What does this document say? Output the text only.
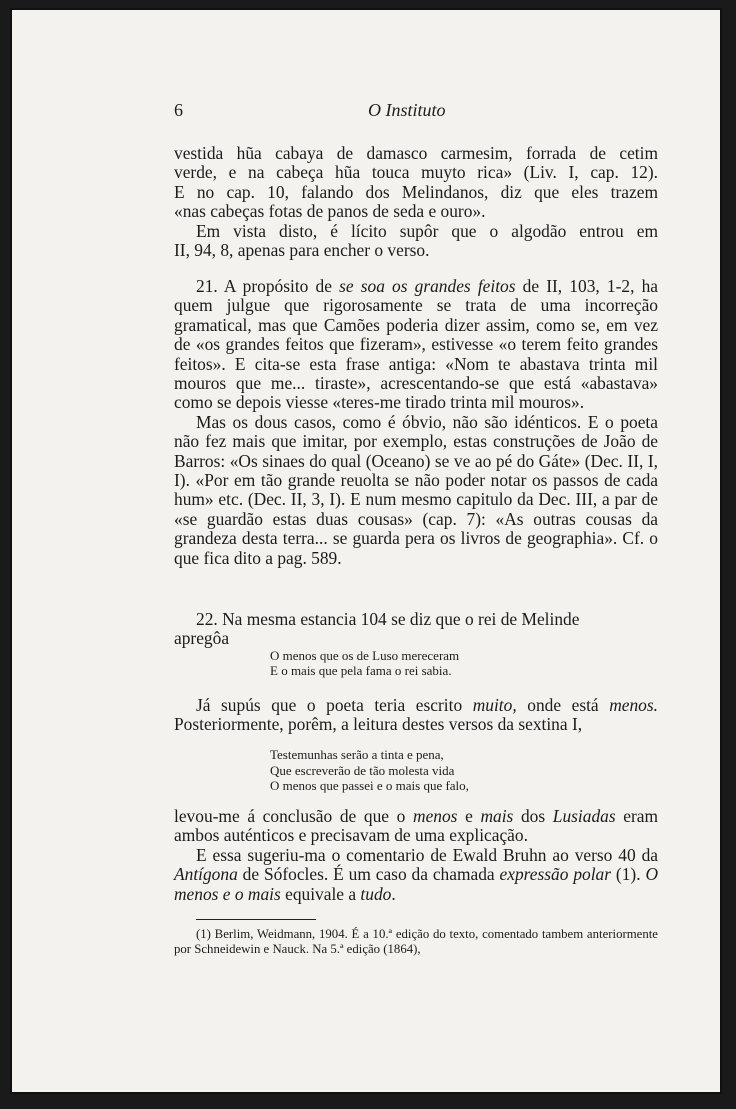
6	O Instituto

vestida hũa cabaya de damasco carmesim, forrada de cetim

verde, e na cabeça hũa touca muyto rica» (Liv. I, cap. 12).

E no cap. 10, falando dos Melindanos, diz que eles trazem

«nas cabeças fotas de panos de seda e ouro».

Em vista disto, é lícito supôr que o algodão entrou em

II, 94, 8, apenas para encher o verso.

21. A propósito de se soa os grandes feitos de II, 103, 1-2, ha quem julgue que rigorosamente se trata de uma incorreção gramatical, mas que Camões poderia dizer assim, como se, em vez de «os grandes feitos que fizeram», estivesse «o terem feito grandes feitos». E cita-se esta frase antiga: «Nom te abastava trinta mil mouros que me... tiraste», acrescentando-se que está «abastava» como se depois viesse «teres-me tirado trinta mil mouros».

Mas os dous casos, como é óbvio, não são idénticos. E o poeta não fez mais que imitar, por exemplo, estas construções de João de Barros: «Os sinaes do qual (Oceano) se ve ao pé do Gáte» (Dec. II, I, I). «Por em tão grande reuolta se não poder notar os passos de cada hum» etc. (Dec. II, 3, I). E num mesmo capitulo da Dec. III, a par de «se guardão estas duas cousas» (cap. 7): «As outras cousas da grandeza desta terra... se guarda pera os livros de geographia». Cf. o que fica dito a pag. 589.

22. Na mesma estancia 104 se diz que o rei de Melinde

apregôa

O menos que os de Luso mereceram

E o mais que pela fama o rei sabia.

Já supús que o poeta teria escrito muito, onde está menos. Posteriormente, porêm, a leitura destes versos da sextina I,

Testemunhas serão a tinta e pena,

Que escreverão de tão molesta vida

O menos que passei e o mais que falo,

levou-me á conclusão de que o menos e mais dos Lusiadas eram ambos auténticos e precisavam de uma explicação.

E essa sugeriu-ma o comentario de Ewald Bruhn ao verso 40 da Antígona de Sófocles. É um caso da chamada expressão polar (1). O menos e o mais equivale a tudo.

(1) Berlim, Weidmann, 1904. É a 10.ª edição do texto, comentado tambem anteriormente por Schneidewin e Nauck. Na 5.ª edição (1864),
